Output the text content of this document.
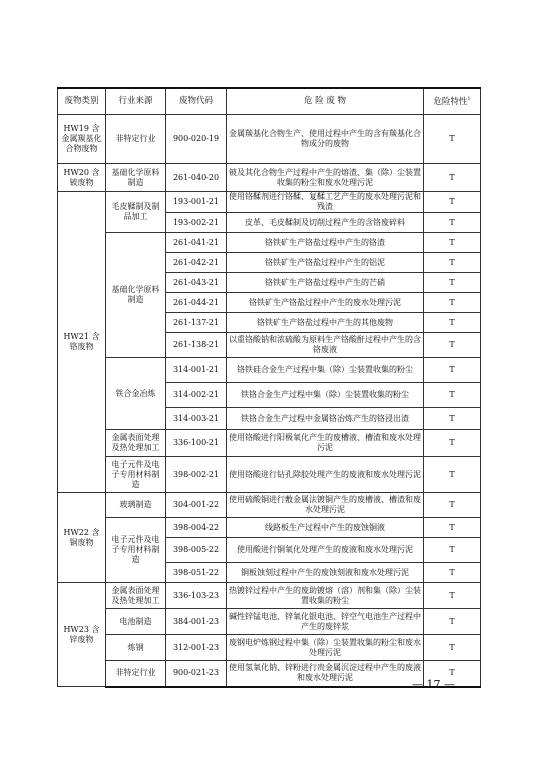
废物类别	行业来源	废物代码	危 险 废 物	危险特性$^1$
HW19 含金属羰基化合物废物	非特定行业	900-020-19	金属羰基化合物生产、使用过程中产生的含有羰基化合物成分的废物	T
HW20 含铍废物	基础化学原料制造	261-040-20	铍及其化合物生产过程中产生的熔渣、集（除）尘装置收集的粉尘和废水处理污泥	T
HW21 含铬废物	毛皮鞣制及制品加工	193-001-21	使用铬鞣剂进行铬鞣、复鞣工艺产生的废水处理污泥和残渣	T
		193-002-21	皮革、毛皮鞣制及切削过程产生的含铬废碎料	T
	基础化学原料制造	261-041-21	铬铁矿生产铬盐过程中产生的铬渣	T
		261-042-21	铬铁矿生产铬盐过程中产生的铝泥	T
		261-043-21	铬铁矿生产铬盐过程中产生的芒硝	T
		261-044-21	铬铁矿生产铬盐过程中产生的废水处理污泥	T
		261-137-21	铬铁矿生产铬盐过程中产生的其他废物	T
		261-138-21	以重铬酸钠和浓硫酸为原料生产铬酸酐过程中产生的含铬废液	T
	铁合金冶炼	314-001-21	铬铁硅合金生产过程中集（除）尘装置收集的粉尘	T
		314-002-21	铁铬合金生产过程中集（除）尘装置收集的粉尘	T
		314-003-21	铁铬合金生产过程中金属铬冶炼产生的铬浸出渣	T
	金属表面处理及热处理加工	336-100-21	使用铬酸进行阳极氧化产生的废槽液、槽渣和废水处理污泥	T
	电子元件及电子专用材料制造	398-002-21	使用铬酸进行钻孔除胶处理产生的废液和废水处理污泥	T
HW22 含铜废物	玻璃制造	304-001-22	使用硫酸铜进行敷金属法镀铜产生的废槽液、槽渣和废水处理污泥	T
	电子元件及电子专用材料制造	398-004-22	线路板生产过程中产生的废蚀铜液	T
		398-005-22	使用酸进行铜氧化处理产生的废液和废水处理污泥	T
		398-051-22	铜板蚀刻过程中产生的废蚀刻液和废水处理污泥	T
HW23 含锌废物	金属表面处理及热处理加工	336-103-23	热镀锌过程中产生的废助镀熔（溶）剂和集（除）尘装置收集的粉尘	T
	电池制造	384-001-23	碱性锌锰电池、锌氧化银电池、锌空气电池生产过程中产生的废锌浆	T
	炼钢	312-001-23	废钢电炉炼钢过程中集（除）尘装置收集的粉尘和废水处理污泥	T
	非特定行业	900-021-23	使用氢氧化钠、锌粉进行贵金属沉淀过程中产生的废液和废水处理污泥	T
— 17 —
